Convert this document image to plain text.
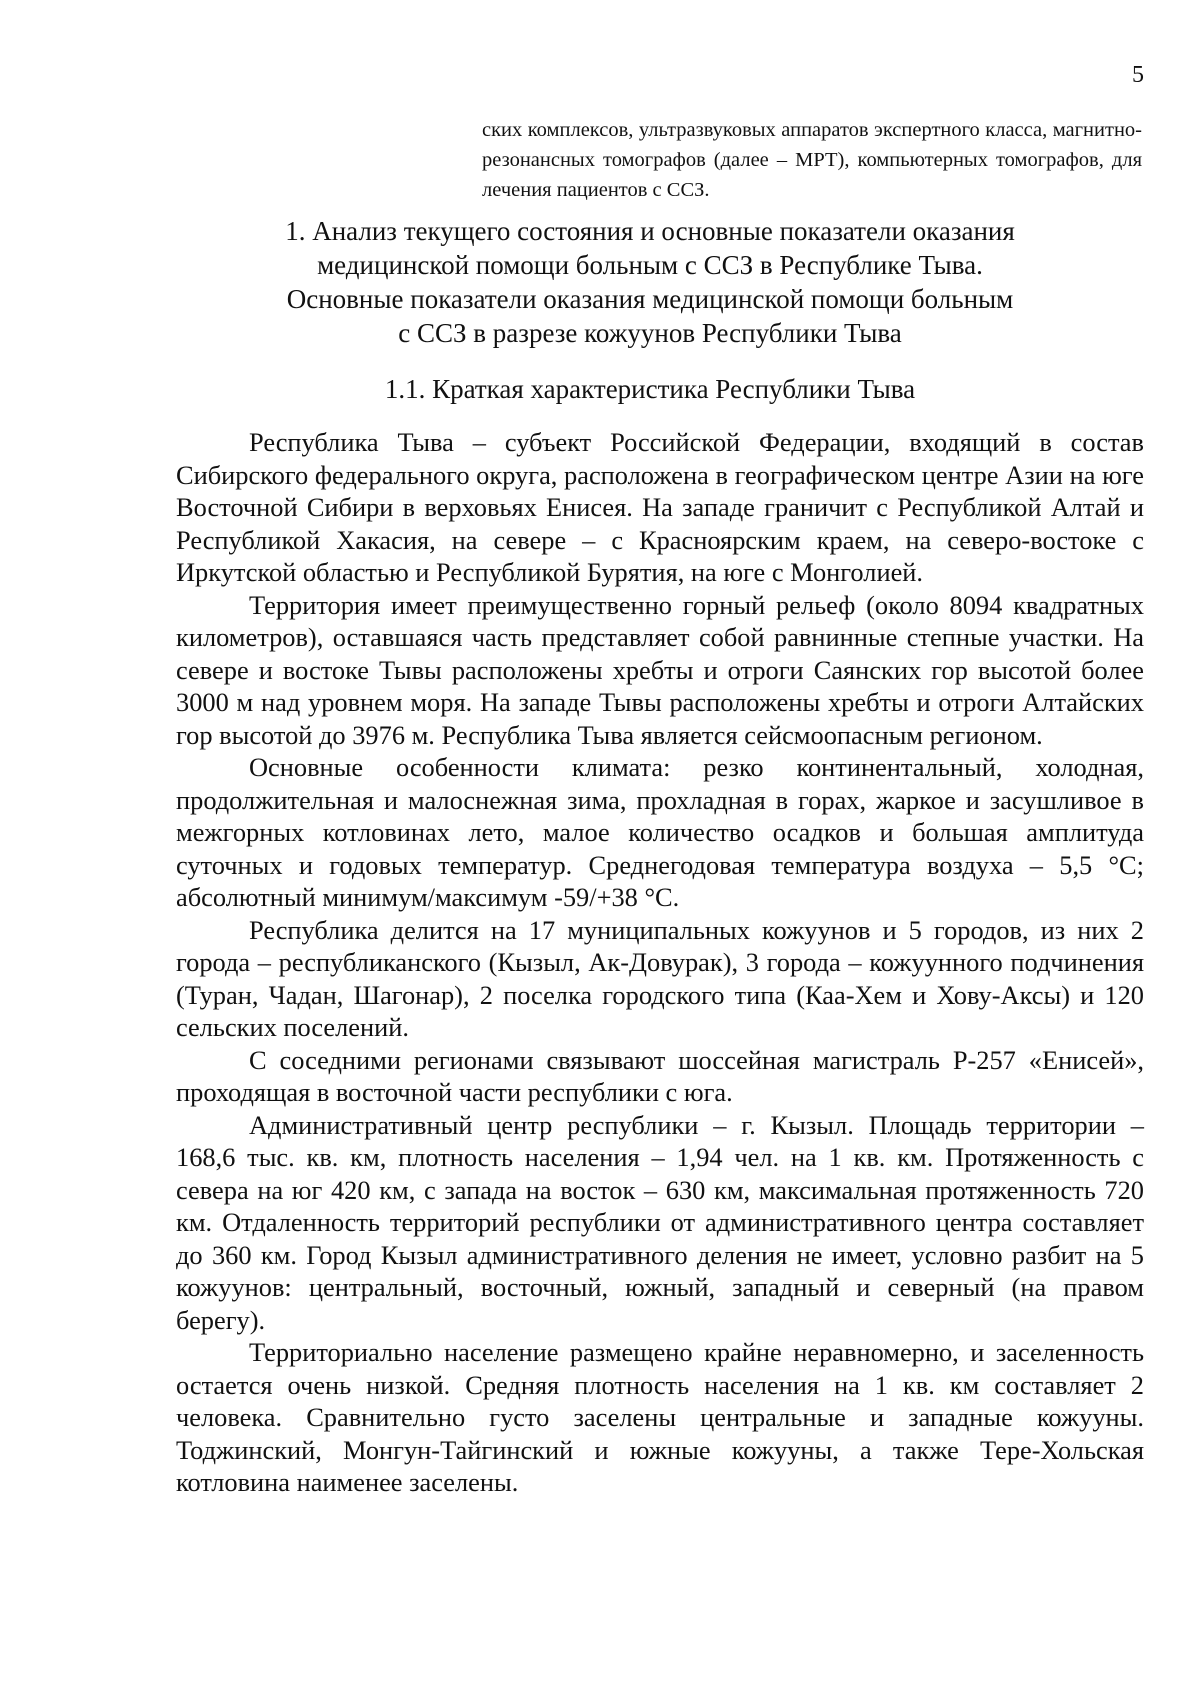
5
ских комплексов, ультразвуковых аппаратов экспертного класса, магнитно-резонансных томографов (далее – МРТ), компьютерных томографов, для лечения пациентов с ССЗ.
1. Анализ текущего состояния и основные показатели оказания
медицинской помощи больным с ССЗ в Республике Тыва.
Основные показатели оказания медицинской помощи больным
с ССЗ в разрезе кожуунов Республики Тыва
1.1. Краткая характеристика Республики Тыва

Республика Тыва – субъект Российской Федерации, входящий в состав Сибирского федерального округа, расположена в географическом центре Азии на юге Восточной Сибири в верховьях Енисея. На западе граничит с Республикой Алтай и Республикой Хакасия, на севере – с Красноярским краем, на северо-востоке с Иркутской областью и Республикой Бурятия, на юге с Монголией.

Территория имеет преимущественно горный рельеф (около 8094 квадратных километров), оставшаяся часть представляет собой равнинные степные участки. На севере и востоке Тывы расположены хребты и отроги Саянских гор высотой более 3000 м над уровнем моря. На западе Тывы расположены хребты и отроги Алтайских гор высотой до 3976 м. Республика Тыва является сейсмоопасным регионом.

Основные особенности климата: резко континентальный, холодная, продолжительная и малоснежная зима, прохладная в горах, жаркое и засушливое в межгорных котловинах лето, малое количество осадков и большая амплитуда суточных и годовых температур. Среднегодовая температура воздуха – 5,5 °С; абсолютный минимум/максимум -59/+38 °С.

Республика делится на 17 муниципальных кожуунов и 5 городов, из них 2 города – республиканского (Кызыл, Ак-Довурак), 3 города – кожуунного подчинения (Туран, Чадан, Шагонар), 2 поселка городского типа (Каа-Хем и Хову-Аксы) и 120 сельских поселений.

С соседними регионами связывают шоссейная магистраль Р-257 «Енисей», проходящая в восточной части республики с юга.

Административный центр республики – г. Кызыл. Площадь территории – 168,6 тыс. кв. км, плотность населения – 1,94 чел. на 1 кв. км. Протяженность с севера на юг 420 км, с запада на восток – 630 км, максимальная протяженность 720 км. Отдаленность территорий республики от административного центра составляет до 360 км. Город Кызыл административного деления не имеет, условно разбит на 5 кожуунов: центральный, восточный, южный, западный и северный (на правом берегу).

Территориально население размещено крайне неравномерно, и заселенность остается очень низкой. Средняя плотность населения на 1 кв. км составляет 2 человека. Сравнительно густо заселены центральные и западные кожууны. Тоджинский, Монгун-Тайгинский и южные кожууны, а также Тере-Хольская котловина наименее заселены.
